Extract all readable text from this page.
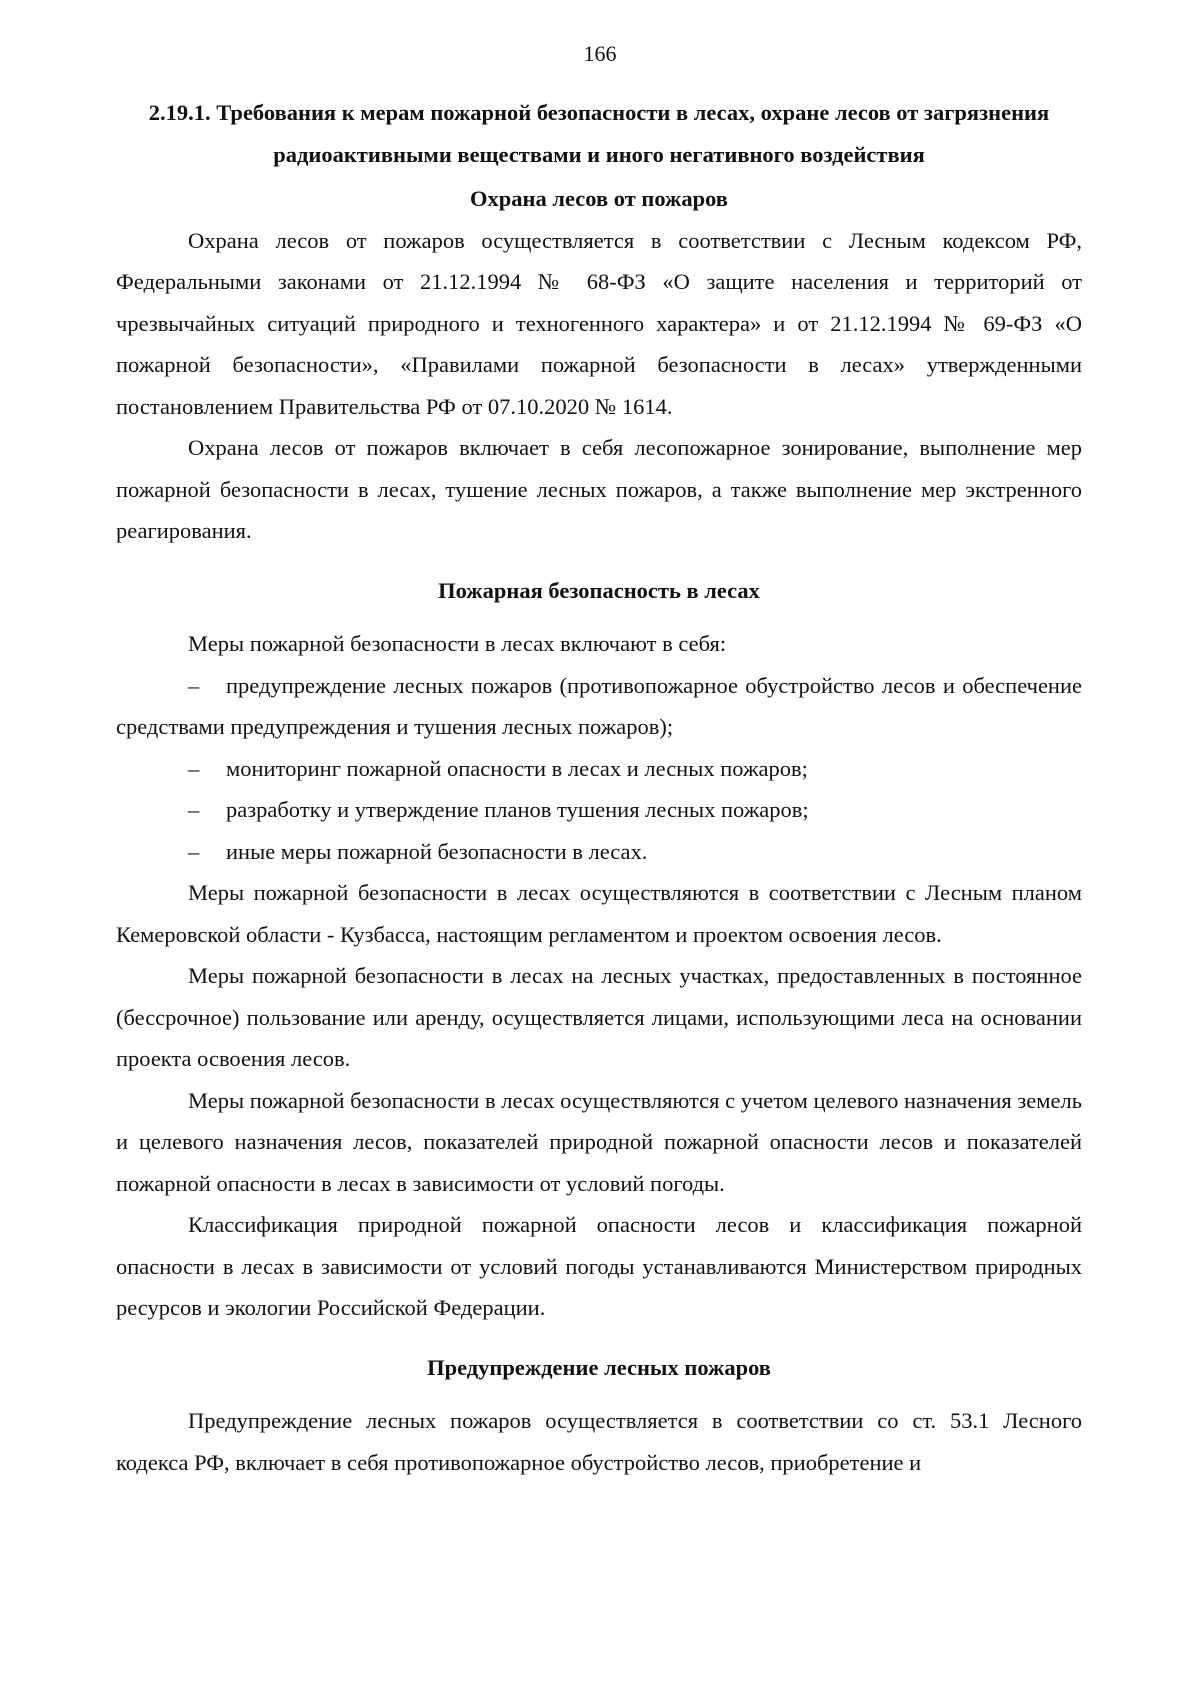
166
2.19.1. Требования к мерам пожарной безопасности в лесах, охране лесов от загрязнения радиоактивными веществами и иного негативного воздействия
Охрана лесов от пожаров

Охрана лесов от пожаров осуществляется в соответствии с Лесным кодексом РФ, Федеральными законами от 21.12.1994 № 68-ФЗ «О защите населения и территорий от чрезвычайных ситуаций природного и техногенного характера» и от 21.12.1994 № 69-ФЗ «О пожарной безопасности», «Правилами пожарной безопасности в лесах» утвержденными постановлением Правительства РФ от 07.10.2020 № 1614.

Охрана лесов от пожаров включает в себя лесопожарное зонирование, выполнение мер пожарной безопасности в лесах, тушение лесных пожаров, а также выполнение мер экстренного реагирования.

Пожарная безопасность в лесах

Меры пожарной безопасности в лесах включают в себя:

– предупреждение лесных пожаров (противопожарное обустройство лесов и обеспечение средствами предупреждения и тушения лесных пожаров);

– мониторинг пожарной опасности в лесах и лесных пожаров;

– разработку и утверждение планов тушения лесных пожаров;

– иные меры пожарной безопасности в лесах.

Меры пожарной безопасности в лесах осуществляются в соответствии с Лесным планом Кемеровской области - Кузбасса, настоящим регламентом и проектом освоения лесов.

Меры пожарной безопасности в лесах на лесных участках, предоставленных в постоянное (бессрочное) пользование или аренду, осуществляется лицами, использующими леса на основании проекта освоения лесов.

Меры пожарной безопасности в лесах осуществляются с учетом целевого назначения земель и целевого назначения лесов, показателей природной пожарной опасности лесов и показателей пожарной опасности в лесах в зависимости от условий погоды.

Классификация природной пожарной опасности лесов и классификация пожарной опасности в лесах в зависимости от условий погоды устанавливаются Министерством природных ресурсов и экологии Российской Федерации.

Предупреждение лесных пожаров

Предупреждение лесных пожаров осуществляется в соответствии со ст. 53.1 Лесного кодекса РФ, включает в себя противопожарное обустройство лесов, приобретение и
